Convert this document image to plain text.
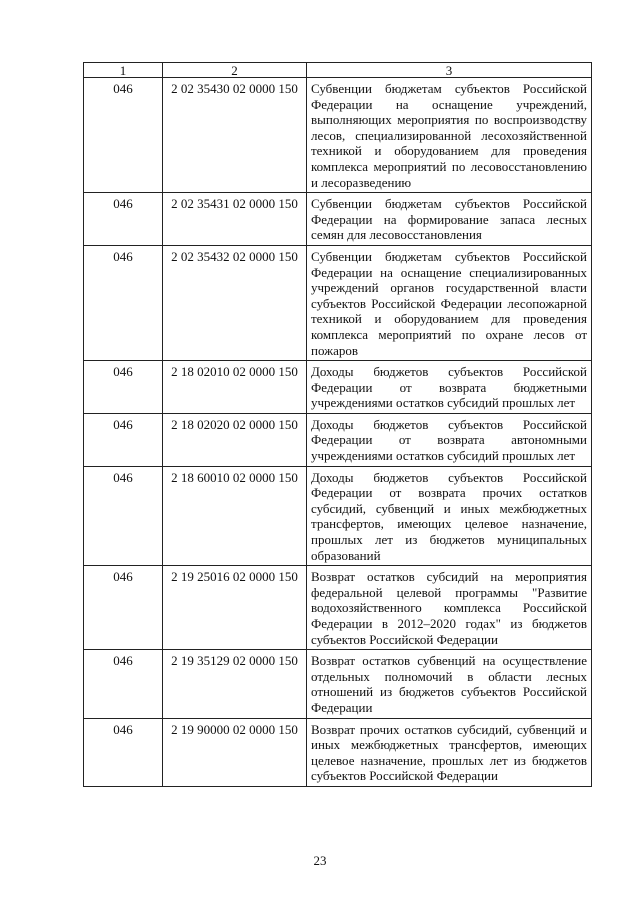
1	2	3
046	2 02 35430 02 0000 150	Субвенции бюджетам субъектов Российской Федерации на оснащение учреждений, выполняющих мероприятия по воспроизводству лесов, специализированной лесохозяйственной техникой и оборудованием для проведения комплекса мероприятий по лесовосстановлению и лесоразведению
046	2 02 35431 02 0000 150	Субвенции бюджетам субъектов Российской Федерации на формирование запаса лесных семян для лесовосстановления
046	2 02 35432 02 0000 150	Субвенции бюджетам субъектов Российской Федерации на оснащение специализированных учреждений органов государственной власти субъектов Российской Федерации лесопожарной техникой и оборудованием для проведения комплекса мероприятий по охране лесов от пожаров
046	2 18 02010 02 0000 150	Доходы бюджетов субъектов Российской Федерации от возврата бюджетными учреждениями остатков субсидий прошлых лет
046	2 18 02020 02 0000 150	Доходы бюджетов субъектов Российской Федерации от возврата автономными учреждениями остатков субсидий прошлых лет
046	2 18 60010 02 0000 150	Доходы бюджетов субъектов Российской Федерации от возврата прочих остатков субсидий, субвенций и иных межбюджетных трансфертов, имеющих целевое назначение, прошлых лет из бюджетов муниципальных образований
046	2 19 25016 02 0000 150	Возврат остатков субсидий на мероприятия федеральной целевой программы "Развитие водохозяйственного комплекса Российской Федерации в 2012–2020 годах" из бюджетов субъектов Российской Федерации
046	2 19 35129 02 0000 150	Возврат остатков субвенций на осуществление отдельных полномочий в области лесных отношений из бюджетов субъектов Российской Федерации
046	2 19 90000 02 0000 150	Возврат прочих остатков субсидий, субвенций и иных межбюджетных трансфертов, имеющих целевое назначение, прошлых лет из бюджетов субъектов Российской Федерации
23
